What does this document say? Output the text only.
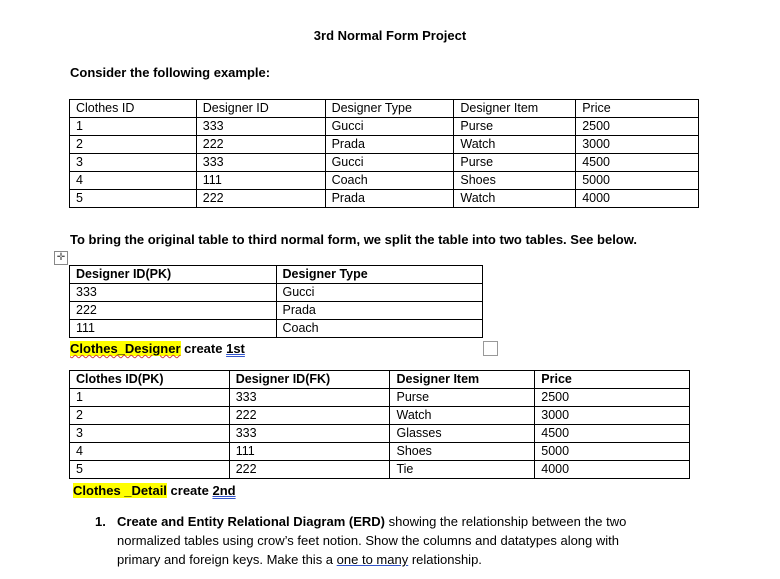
3rd Normal Form Project
Consider the following example:
Clothes ID	Designer ID	Designer Type	Designer Item	Price
1	333	Gucci	Purse	2500
2	222	Prada	Watch	3000
3	333	Gucci	Purse	4500
4	111	Coach	Shoes	5000
5	222	Prada	Watch	4000
To bring the original table to third normal form, we split the table into two tables. See below.
✛
Designer ID(PK)	Designer Type
333	Gucci
222	Prada
111	Coach
Clothes_Designer create 1st
Clothes ID(PK)	Designer ID(FK)	Designer Item	Price
1	333	Purse	2500
2	222	Watch	3000
3	333	Glasses	4500
4	111	Shoes	5000
5	222	Tie	4000
Clothes _Detail create 2nd
1. Create and Entity Relational Diagram (ERD) showing the relationship between the two normalized tables using crow’s feet notion. Show the columns and datatypes along with primary and foreign keys. Make this a one to many relationship.
